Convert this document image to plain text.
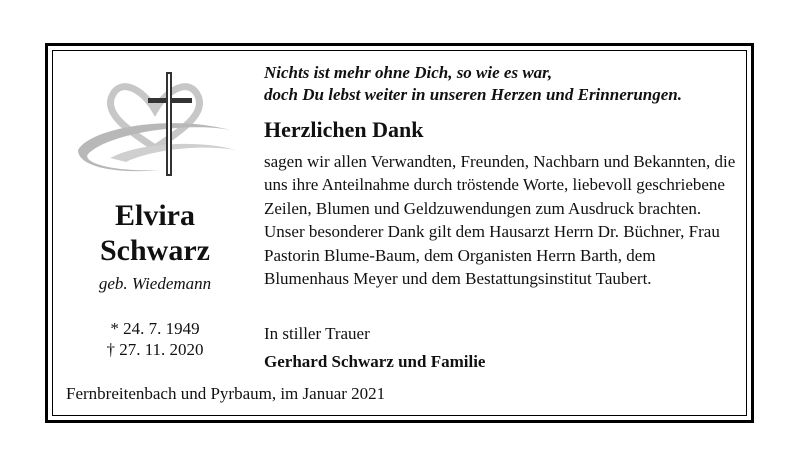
Elvira
Schwarz
geb. Wiedemann
* 24. 7. 1949
† 27. 11. 2020
Nichts ist mehr ohne Dich, so wie es war,
doch Du lebst weiter in unseren Herzen und Erinnerungen.
Herzlichen Dank

sagen wir allen Verwandten, Freunden, Nachbarn und Bekannten, die uns ihre Anteilnahme durch tröstende Worte, liebevoll geschriebene Zeilen, Blumen und Geldzuwendungen zum Ausdruck brachten.

Unser besonderer Dank gilt dem Hausarzt Herrn Dr. Büchner, Frau Pastorin Blume-Baum, dem Organisten Herrn Barth, dem Blumenhaus Meyer und dem Bestattungsinstitut Taubert.

In stiller Trauer
Gerhard Schwarz und Familie
Fernbreitenbach und Pyrbaum, im Januar 2021
